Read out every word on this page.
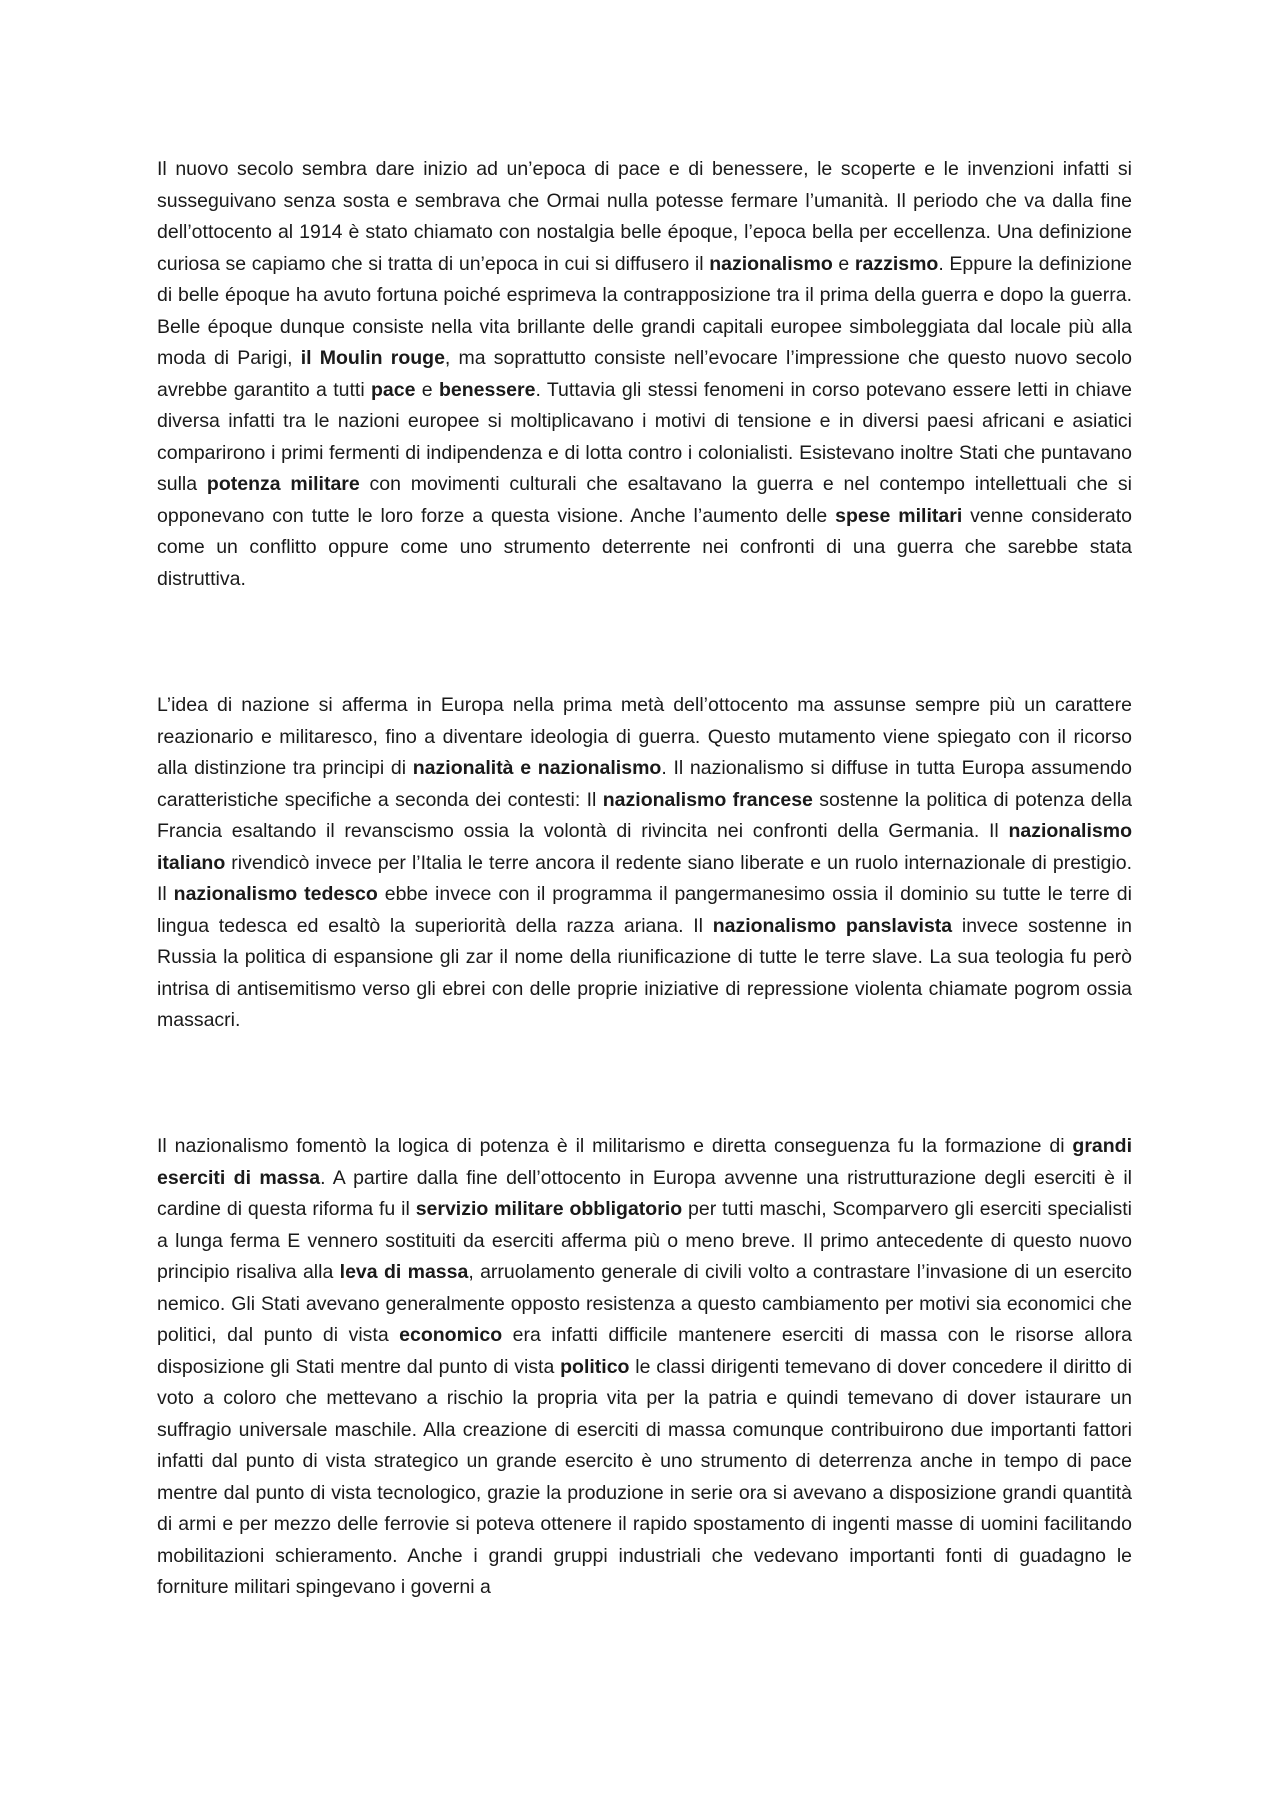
Il nuovo secolo sembra dare inizio ad un’epoca di pace e di benessere, le scoperte e le invenzioni infatti si susseguivano senza sosta e sembrava che Ormai nulla potesse fermare l’umanità. Il periodo che va dalla fine dell’ottocento al 1914 è stato chiamato con nostalgia belle époque, l’epoca bella per eccellenza. Una definizione curiosa se capiamo che si tratta di un’epoca in cui si diffusero il nazionalismo e razzismo. Eppure la definizione di belle époque ha avuto fortuna poiché esprimeva la contrapposizione tra il prima della guerra e dopo la guerra. Belle époque dunque consiste nella vita brillante delle grandi capitali europee simboleggiata dal locale più alla moda di Parigi, il Moulin rouge, ma soprattutto consiste nell’evocare l’impressione che questo nuovo secolo avrebbe garantito a tutti pace e benessere. Tuttavia gli stessi fenomeni in corso potevano essere letti in chiave diversa infatti tra le nazioni europee si moltiplicavano i motivi di tensione e in diversi paesi africani e asiatici comparirono i primi fermenti di indipendenza e di lotta contro i colonialisti. Esistevano inoltre Stati che puntavano sulla potenza militare con movimenti culturali che esaltavano la guerra e nel contempo intellettuali che si opponevano con tutte le loro forze a questa visione. Anche l’aumento delle spese militari venne considerato come un conflitto oppure come uno strumento deterrente nei confronti di una guerra che sarebbe stata distruttiva.

L’idea di nazione si afferma in Europa nella prima metà dell’ottocento ma assunse sempre più un carattere reazionario e militaresco, fino a diventare ideologia di guerra. Questo mutamento viene spiegato con il ricorso alla distinzione tra principi di nazionalità e nazionalismo. Il nazionalismo si diffuse in tutta Europa assumendo caratteristiche specifiche a seconda dei contesti: Il nazionalismo francese sostenne la politica di potenza della Francia esaltando il revanscismo ossia la volontà di rivincita nei confronti della Germania. Il nazionalismo italiano rivendicò invece per l’Italia le terre ancora il redente siano liberate e un ruolo internazionale di prestigio. Il nazionalismo tedesco ebbe invece con il programma il pangermanesimo ossia il dominio su tutte le terre di lingua tedesca ed esaltò la superiorità della razza ariana. Il nazionalismo panslavista invece sostenne in Russia la politica di espansione gli zar il nome della riunificazione di tutte le terre slave. La sua teologia fu però intrisa di antisemitismo verso gli ebrei con delle proprie iniziative di repressione violenta chiamate pogrom ossia massacri.

Il nazionalismo fomentò la logica di potenza è il militarismo e diretta conseguenza fu la formazione di grandi eserciti di massa. A partire dalla fine dell’ottocento in Europa avvenne una ristrutturazione degli eserciti è il cardine di questa riforma fu il servizio militare obbligatorio per tutti maschi, Scomparvero gli eserciti specialisti a lunga ferma E vennero sostituiti da eserciti afferma più o meno breve. Il primo antecedente di questo nuovo principio risaliva alla leva di massa, arruolamento generale di civili volto a contrastare l’invasione di un esercito nemico. Gli Stati avevano generalmente opposto resistenza a questo cambiamento per motivi sia economici che politici, dal punto di vista economico era infatti difficile mantenere eserciti di massa con le risorse allora disposizione gli Stati mentre dal punto di vista politico le classi dirigenti temevano di dover concedere il diritto di voto a coloro che mettevano a rischio la propria vita per la patria e quindi temevano di dover istaurare un suffragio universale maschile. Alla creazione di eserciti di massa comunque contribuirono due importanti fattori infatti dal punto di vista strategico un grande esercito è uno strumento di deterrenza anche in tempo di pace mentre dal punto di vista tecnologico, grazie la produzione in serie ora si avevano a disposizione grandi quantità di armi e per mezzo delle ferrovie si poteva ottenere il rapido spostamento di ingenti masse di uomini facilitando mobilitazioni schieramento. Anche i grandi gruppi industriali che vedevano importanti fonti di guadagno le forniture militari spingevano i governi a
